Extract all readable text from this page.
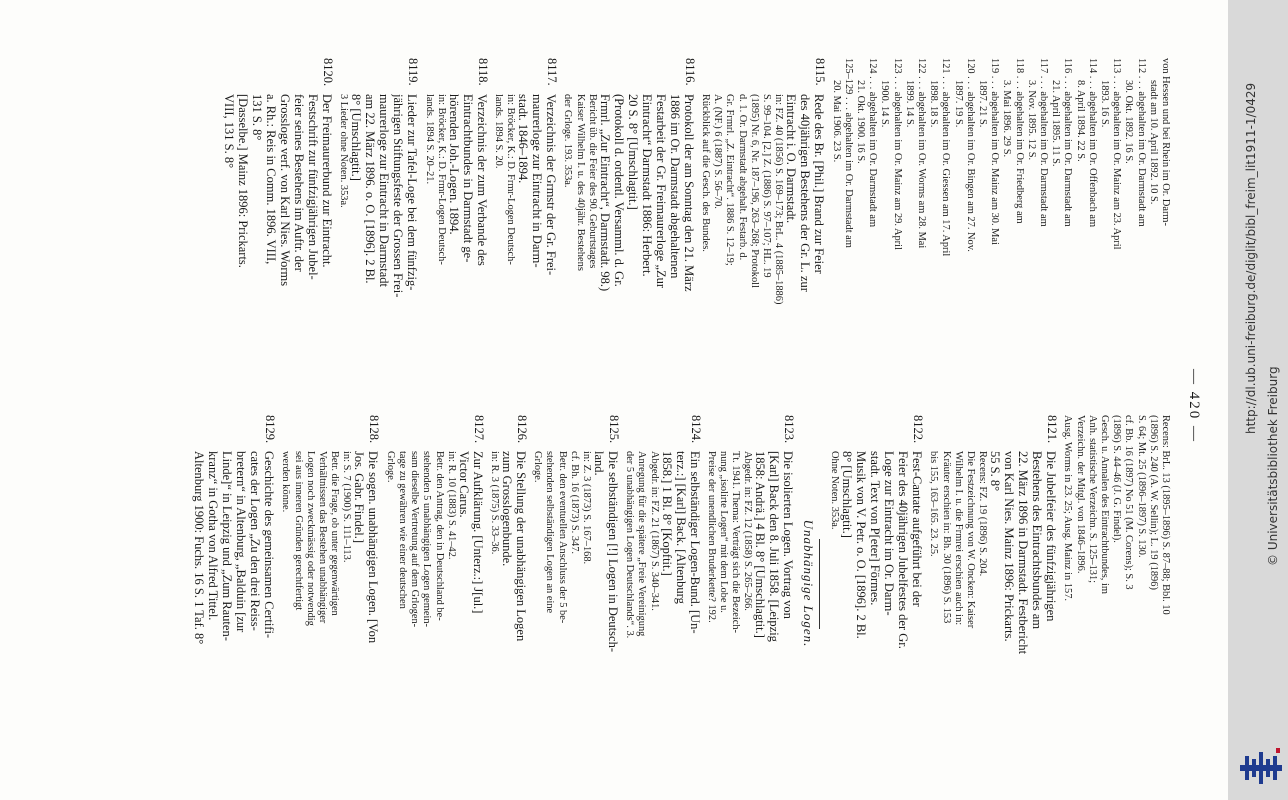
— 420 —
von Hessen und bei Rhein im Or. Darm-
stadt am 10. April 1892. 10 S.
112 . . . abgehalten im Or. Darmstadt am
30. Okt. 1892. 16 S.
113 . . . abgehalten im Or. Mainz am 23. April
1893. 16 S.
114 . . . abgehalten im Or. Offenbach am
8. April 1894. 22 S.
116 . . . abgehalten im Or. Darmstadt am
21. April 1895. 11 S.
117 . . . abgehalten im Or. Darmstadt am
3. Nov. 1895. 12 S.
118 . . . abgehalten im Or. Friedberg am
3. Mai 1896. 29 S.
119 . . . abgehalten im Or. Mainz am 30. Mai
1897. 21 S.
120 . . . abgehalten im Or. Bingen am 27. Nov.
1897. 19 S.
121 . . . abgehalten im Or. Giessen am 17. April
1898. 18 S.
122 . . . abgehalten im Or. Worms am 28. Mai
1899. 14 S.
123 . . . abgehalten im Or. Mainz am 29. April
1900. 14 S.
124 . . . abgehalten im Or. Darmstadt am
21. Okt. 1900. 16 S.
125–129 . . . abgehalten im Or. Darmstadt am
20. Mai 1906. 23 S.
8115.
Rede des Br. [Phil.] Brand zur Feier
des 40jährigen Bestehens der Gr. L. zur
Eintracht i. O. Darmstadt.
in: FZ. 40 (1856) S. 169–173; BrL. 4 (1885–1886)
S. 99–104. [2.] Z. (1886) S. 97–107; HL. 19
(1895) Nr. 6, Nr. 187–196, 263–268; Protokoll
d. 1. Or. Darmstadt abgehalt. Festarb. d.
Gr. Frmrl. „Z. Eintracht“. 1886 S. 12–19;
A. (NF.) 6 (1887) S. 56–70.
Rückblick auf die Gesch. des Bundes.
8116.
Protokoll der am Sonntag den 21. März
1886 im Or. Darmstadt abgehaltenen
Festarbeit der Gr. Freimaurerloge „Zur
Eintracht“ Darmstadt 1886: Herbert.
20 S. 8° [Umschlagtit.]
(Protokoll d. ordentl. Versamml. d. Gr.
Frmrl. „Zur Eintracht“, Darmstadt. 98.)
Bericht üb. die Feier des 90. Geburtstages
Kaiser Wilhelm I. u. des 40jähr. Bestehens
der Grloge. 193. 353a.
8117.
Verzeichnis der Grmstr der Gr. Frei-
maurerloge zur Eintracht in Darm-
stadt. 1846–1894.
in: Bröcker, K.: D. Frmr-Logen Deutsch-
lands. 1894 S. 20.
8118.
Verzeichnis der zum Verbande des
Eintrachtbundes in Darmstadt ge-
hörenden Joh.-Logen. 1894.
in: Bröcker, K.: D. Frmr-Logen Deutsch-
lands. 1894 S. 20–21.
8119.
Lieder zur Tafel-Loge bei dem fünfzig-
jährigen Stiftungsfeste der Grossen Frei-
maurerloge zur Eintracht in Darmstadt
am 22. März 1896. o. O. [1896]. 2 Bl.
8° [Umschlagtit.]
3 Lieder ohne Noten. 353a.
8120.
Der Freimaurerbund zur Eintracht.
Festschrift zur fünfzigjährigen Jubel-
feier seines Bestehens im Auftr. der
Grossloge verf. von Karl Nies. Worms
a. Rh.: Reis in Comm. 1896. VIII,
131 S. 8°
[Dasselbe.] Mainz 1896: Prickarts.
VIII, 131 S. 8°
Recens: BrL. 13 (1895–1896) S. 87–88; Bbl. 10
(1896) S. 240 (A. W. Sellin); L. 19 (1896)
S. 64; Mt. 25 (1896–1897) S. 130.
cf. Bb. 16 (1897) No 51 (M. Corens); S. 3
(1896) S. 44–46 (J. G. Findel).
Gesch. u. Annalen des Eintrachtbundes, im
Anh. statistische Verzeichn. S. 125–131;
Verzeichn. der Mitgl. von 1846–1896.
Ausg. Worms in 23. 25; Ausg. Mainz in 157.
8121.
Die Jubelfeier des fünfzigjährigen
Bestehens des Eintrachtsbundes am
22. März 1896 in Darmstadt. Festbericht
von Karl Nies. Mainz 1896: Prickarts.
55 S. 8°
Recens: FZ. 19 (1896) S. 204.
Die Festzeichnung von W. Oncken: Kaiser
Wilhelm I. u. die Frmrei erschien auch in:
Kräuter erschien in: Bh. 30 (1896) S. 153
bis 155, 163–165. 23. 25.
8122.
Fest-Cantate aufgeführt bei der
Feier des 40jährigen Jubelfestes der Gr.
Loge zur Eintracht im Or. Darm-
stadt. Text von P[eter] Förmes.
Musik von V. Petr. o. O. [1896]. 2 Bl.
8° [Umschlagtit.]
Ohne Noten. 353a.
Unabhängige Logen.
8123.
Die isolierten Logen. Vortrag von
[Karl] Back den 8. Juli 1858. [Leipzig
1858: Andrä.] 4 Bl. 8° [Umschlagtit.]
Abgedr. in: FZ. 12 (1858) S. 265–266.
Tt. 1941. Thema: Verträgt sich die Bezeich-
nung „isolirte Logen“ mit dem Lobe u.
Preise der unendlichen Bruderkette? 192.
8124.
Ein selbständiger Logen-Bund. [Un-
terz.:] [Karl] Back. [Altenburg
1858.] 1 Bl. 8° [Kopftit.]
Abgedr. in: FZ. 21 (1867) S. 340–341.
Anregung für die spätere „Freie Vereinigung
der 5 unabhängigen Logen Deutschlands“. 3.
8125.
Die selbständigen [!] Logen in Deutsch-
land.
in: Z. 3 (1873) S. 167–168.
cf. Bh. 16 (1873) S. 347.
Betr. den eventuellen Anschluss der 5 be-
stehenden selbständigen Logen an eine
Grloge.
8126.
Die Stellung der unabhängigen Logen
zum Grosslogenbunde.
in: R. 3 (1875) S. 33–36.
8127.
Zur Aufklärung. [Unterz.:] J[ul.]
Victor Carus.
in: R. 10 (1883) S. 41–42.
Betr. den Antrag, den in Deutschland be-
stehenden 5 unabhängigen Logen gemein-
sam dieselbe Vertretung auf dem Grlogen-
tage zu gewähren wie einer deutschen
Grloge.
8128.
Die sogen. unabhängigen Logen. [Von
Jos. Gabr. Findel.]
in: S. 7 (1900) S. 111–113.
Betr. die Frage, ob unter gegenwärtigen
Verhältnissen das Bestehen unabhängiger
Logen noch zweckmässig oder notwendig
sei aus inneren Gründen gerechtfertigt
werden könne.
8129.
Geschichte des gemeinsamen Certifi-
cates der Logen „Zu den drei Reiss-
bretern“ in Altenburg, „Balduin [zur
Linde]“ in Leipzig und „Zum Rauten-
kranz“ in Gotha von Alfred Tittel.
Altenburg 1900: Fuchs. 16 S. 1 Taf. 8°
http://dl.ub.uni-freiburg.de/diglit/bibl_freim_lit1911-1/0429
© Universitätsbibliothek Freiburg
